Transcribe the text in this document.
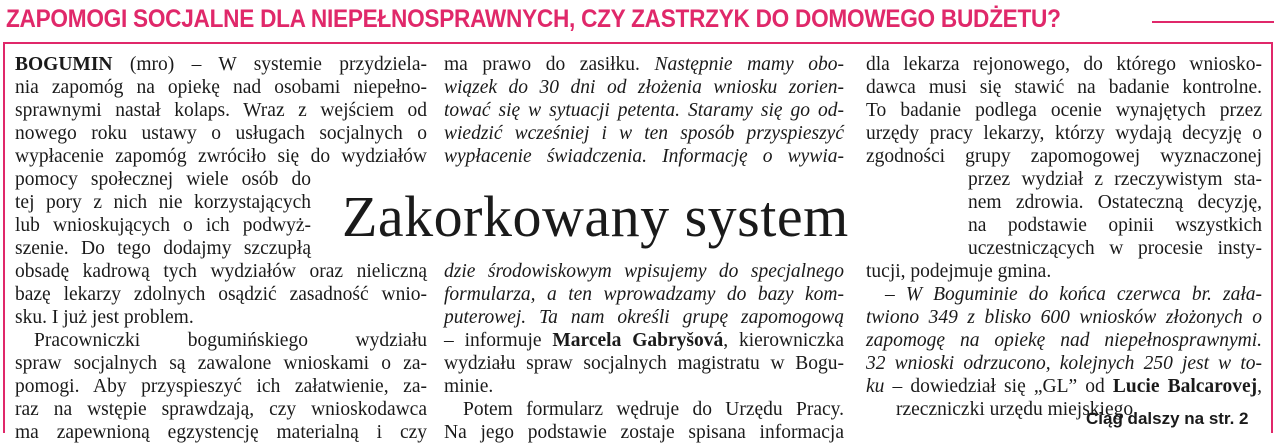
ZAPOMOGI SOCJALNE DLA NIEPEŁNOSPRAWNYCH, CZY ZASTRZYK DO DOMOWEGO BUDŻETU?
BOGUMIN (mro) – W systemie przydziela-
nia zapomóg na opiekę nad osobami niepełno-
sprawnymi nastał kolaps. Wraz z wejściem od
nowego roku ustawy o usługach socjalnych o
wypłacenie zapomóg zwróciło się do wydziałów
pomocy społecznej wiele osób do
tej pory z nich nie korzystających
lub wnioskujących o ich podwyż-
szenie. Do tego dodajmy szczupłą
obsadę kadrową tych wydziałów oraz nieliczną
bazę lekarzy zdolnych osądzić zasadność wnio-
sku. I już jest problem.
Pracowniczki bogumińskiego wydziału
spraw socjalnych są zawalone wnioskami o za-
pomogi. Aby przyspieszyć ich załatwienie, za-
raz na wstępie sprawdzają, czy wnioskodawca
ma zapewnioną egzystencję materialną i czy
ma prawo do zasiłku. Następnie mamy obo-
wiązek do 30 dni od złożenia wniosku zorien-
tować się w sytuacji petenta. Staramy się go od-
wiedzić wcześniej i w ten sposób przyspieszyć
wypłacenie świadczenia. Informację o wywia-
dzie środowiskowym wpisujemy do specjalnego
formularza, a ten wprowadzamy do bazy kom-
puterowej. Ta nam określi grupę zapomogową
– informuje Marcela Gabryšová, kierowniczka
wydziału spraw socjalnych magistratu w Bogu-
minie.
Potem formularz wędruje do Urzędu Pracy.
Na jego podstawie zostaje spisana informacja
dla lekarza rejonowego, do którego wniosko-
dawca musi się stawić na badanie kontrolne.
To badanie podlega ocenie wynajętych przez
urzędy pracy lekarzy, którzy wydają decyzję o
zgodności grupy zapomogowej wyznaczonej
przez wydział z rzeczywistym sta-
nem zdrowia. Ostateczną decyzję,
na podstawie opinii wszystkich
uczestniczących w procesie insty-
tucji, podejmuje gmina.
– W Boguminie do końca czerwca br. zała-
twiono 349 z blisko 600 wniosków złożonych o
zapomogę na opiekę nad niepełnosprawnymi.
32 wnioski odrzucono, kolejnych 250 jest w to-
ku – dowiedział się „GL” od Lucie Balcarovej,
rzeczniczki urzędu miejskiego.
Zakorkowany system
Ciąg dalszy na str. 2
